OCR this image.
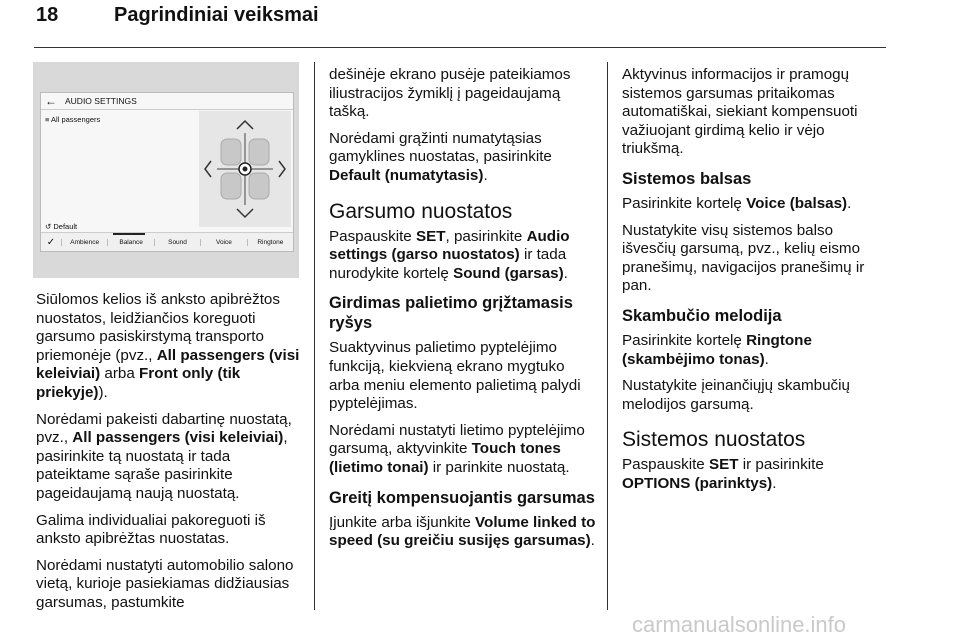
18	Pagrindiniai veiksmai
← AUDIO SETTINGS
≡ All passengers
↺ Default
✓	Ambience	Balance	Sound	Voice	Ringtone

Siūlomos kelios iš anksto apibrėžtos nuostatos, leidžiančios koreguoti garsumo pasiskirstymą transporto priemonėje (pvz., All passengers (visi keleiviai) arba Front only (tik priekyje)).

Norėdami pakeisti dabartinę nuostatą, pvz., All passengers (visi keleiviai), pasirinkite tą nuostatą ir tada pateiktame sąraše pasirinkite pageidaujamą naują nuostatą.

Galima individualiai pakoreguoti iš anksto apibrėžtas nuostatas.

Norėdami nustatyti automobilio salono vietą, kurioje pasiekiamas didžiausias garsumas, pastumkite

dešinėje ekrano pusėje pateikiamos iliustracijos žymiklį į pageidaujamą tašką.

Norėdami grąžinti numatytąsias gamyklines nuostatas, pasirinkite Default (numatytasis).

Garsumo nuostatos

Paspauskite SET, pasirinkite Audio settings (garso nuostatos) ir tada nurodykite kortelę Sound (garsas).

Girdimas palietimo grįžtamasis ryšys

Suaktyvinus palietimo pyptelėjimo funkciją, kiekvieną ekrano mygtuko arba meniu elemento palietimą palydi pyptelėjimas.

Norėdami nustatyti lietimo pyptelėjimo garsumą, aktyvinkite Touch tones (lietimo tonai) ir parinkite nuostatą.

Greitį kompensuojantis garsumas

Įjunkite arba išjunkite Volume linked to speed (su greičiu susijęs garsumas).

Aktyvinus informacijos ir pramogų sistemos garsumas pritaikomas automatiškai, siekiant kompensuoti važiuojant girdimą kelio ir vėjo triukšmą.

Sistemos balsas

Pasirinkite kortelę Voice (balsas).

Nustatykite visų sistemos balso išvesčių garsumą, pvz., kelių eismo pranešimų, navigacijos pranešimų ir pan.

Skambučio melodija

Pasirinkite kortelę Ringtone (skambėjimo tonas).

Nustatykite įeinančiųjų skambučių melodijos garsumą.

Sistemos nuostatos

Paspauskite SET ir pasirinkite OPTIONS (parinktys).

carmanualsonline.info
